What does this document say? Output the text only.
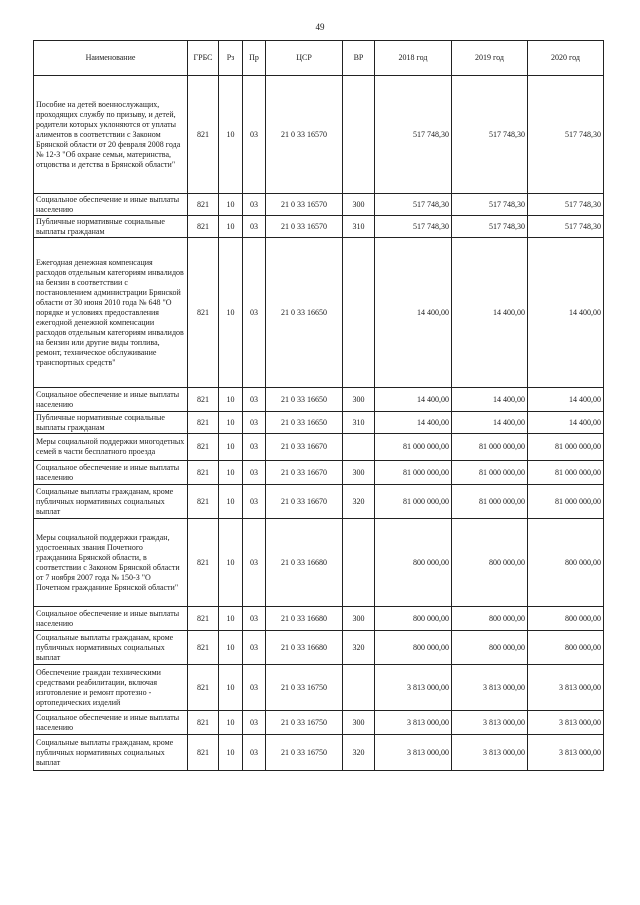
49
Наименование	ГРБС	Рз	Пр	ЦСР	ВР	2018 год	2019 год	2020 год
Пособие на детей военнослужащих, проходящих службу по призыву, и детей, родители которых уклоняются от уплаты алиментов в соответствии с Законом Брянской области от 20 февраля 2008 года № 12-З "Об охране семьи, материнства, отцовства и детства в Брянской области"	821	10	03	21 0 33 16570		517 748,30	517 748,30	517 748,30
Социальное обеспечение и иные выплаты населению	821	10	03	21 0 33 16570	300	517 748,30	517 748,30	517 748,30
Публичные нормативные социальные выплаты гражданам	821	10	03	21 0 33 16570	310	517 748,30	517 748,30	517 748,30
Ежегодная денежная компенсация расходов отдельным категориям инвалидов на бензин в соответствии с постановлением администрации Брянской области от 30 июня 2010 года № 648 "О порядке и условиях предоставления ежегодной денежной компенсации расходов отдельным категориям инвалидов на бензин или другие виды топлива, ремонт, техническое обслуживание транспортных средств"	821	10	03	21 0 33 16650		14 400,00	14 400,00	14 400,00
Социальное обеспечение и иные выплаты населению	821	10	03	21 0 33 16650	300	14 400,00	14 400,00	14 400,00
Публичные нормативные социальные выплаты гражданам	821	10	03	21 0 33 16650	310	14 400,00	14 400,00	14 400,00
Меры социальной поддержки многодетных семей в части бесплатного проезда	821	10	03	21 0 33 16670		81 000 000,00	81 000 000,00	81 000 000,00
Социальное обеспечение и иные выплаты населению	821	10	03	21 0 33 16670	300	81 000 000,00	81 000 000,00	81 000 000,00
Социальные выплаты гражданам, кроме публичных нормативных социальных выплат	821	10	03	21 0 33 16670	320	81 000 000,00	81 000 000,00	81 000 000,00
Меры социальной поддержки граждан, удостоенных звания Почетного гражданина Брянской области, в соответствии с Законом Брянской области от 7 ноября 2007 года № 150-З "О Почетном гражданине Брянской области"	821	10	03	21 0 33 16680		800 000,00	800 000,00	800 000,00
Социальное обеспечение и иные выплаты населению	821	10	03	21 0 33 16680	300	800 000,00	800 000,00	800 000,00
Социальные выплаты гражданам, кроме публичных нормативных социальных выплат	821	10	03	21 0 33 16680	320	800 000,00	800 000,00	800 000,00
Обеспечение граждан техническими средствами реабилитации, включая изготовление и ремонт протезно - ортопедических изделий	821	10	03	21 0 33 16750		3 813 000,00	3 813 000,00	3 813 000,00
Социальное обеспечение и иные выплаты населению	821	10	03	21 0 33 16750	300	3 813 000,00	3 813 000,00	3 813 000,00
Социальные выплаты гражданам, кроме публичных нормативных социальных выплат	821	10	03	21 0 33 16750	320	3 813 000,00	3 813 000,00	3 813 000,00
